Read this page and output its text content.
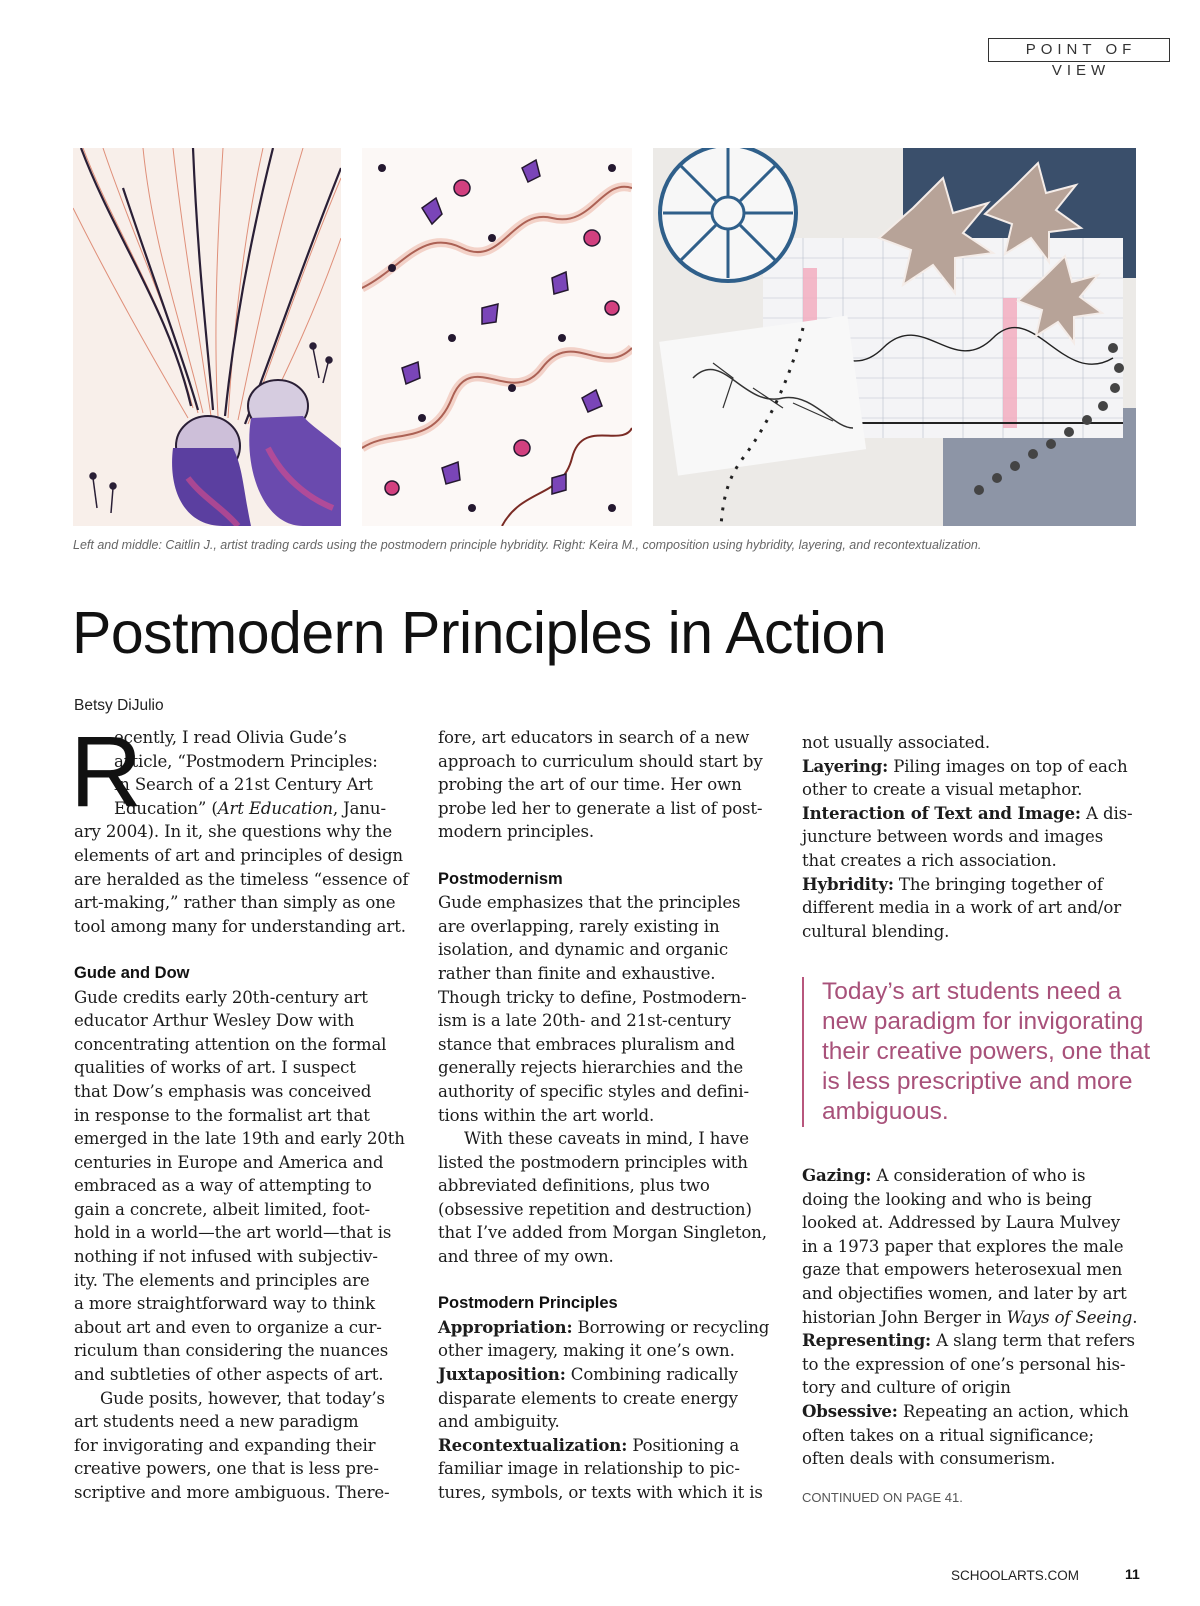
POINT OF VIEW
Left and middle: Caitlin J., artist trading cards using the postmodern principle hybridity. Right: Keira M., composition using hybridity, layering, and recontextualization.
Postmodern Principles in Action
Betsy DiJulio
R
ecently, I read Olivia Gude’s
article, “Postmodern Principles:
in Search of a 21st Century Art
Education” (Art Education, Janu-
ary 2004). In it, she questions why the
elements of art and principles of design
are heralded as the timeless “essence of
art-making,” rather than simply as one
tool among many for understanding art.
Gude and Dow
Gude credits early 20th-century art
educator Arthur Wesley Dow with
concentrating attention on the formal
qualities of works of art. I suspect
that Dow’s emphasis was conceived
in response to the formalist art that
emerged in the late 19th and early 20th
centuries in Europe and America and
embraced as a way of attempting to
gain a concrete, albeit limited, foot-
hold in a world—the art world—that is
nothing if not infused with subjectiv-
ity. The elements and principles are
a more straightforward way to think
about art and even to organize a cur-
riculum than considering the nuances
and subtleties of other aspects of art.
Gude posits, however, that today’s
art students need a new paradigm
for invigorating and expanding their
creative powers, one that is less pre-
scriptive and more ambiguous. There-
fore, art educators in search of a new
approach to curriculum should start by
probing the art of our time. Her own
probe led her to generate a list of post-
modern principles.
Postmodernism
Gude emphasizes that the principles
are overlapping, rarely existing in
isolation, and dynamic and organic
rather than finite and exhaustive.
Though tricky to define, Postmodern-
ism is a late 20th- and 21st-century
stance that embraces pluralism and
generally rejects hierarchies and the
authority of specific styles and defini-
tions within the art world.
With these caveats in mind, I have
listed the postmodern principles with
abbreviated definitions, plus two
(obsessive repetition and destruction)
that I’ve added from Morgan Singleton,
and three of my own.
Postmodern Principles
Appropriation: Borrowing or recycling
other imagery, making it one’s own.
Juxtaposition: Combining radically
disparate elements to create energy
and ambiguity.
Recontextualization: Positioning a
familiar image in relationship to pic-
tures, symbols, or texts with which it is
not usually associated.
Layering: Piling images on top of each
other to create a visual metaphor.
Interaction of Text and Image: A dis-
juncture between words and images
that creates a rich association.
Hybridity: The bringing together of
different media in a work of art and/or
cultural blending.
Today’s art students need a
new paradigm for invigorating
their creative powers, one that
is less prescriptive and more
ambiguous.
Gazing: A consideration of who is
doing the looking and who is being
looked at. Addressed by Laura Mulvey
in a 1973 paper that explores the male
gaze that empowers heterosexual men
and objectifies women, and later by art
historian John Berger in Ways of Seeing.
Representing: A slang term that refers
to the expression of one’s personal his-
tory and culture of origin
Obsessive: Repeating an action, which
often takes on a ritual significance;
often deals with consumerism.
CONTINUED ON PAGE 41.
SCHOOLARTS.COM	11
